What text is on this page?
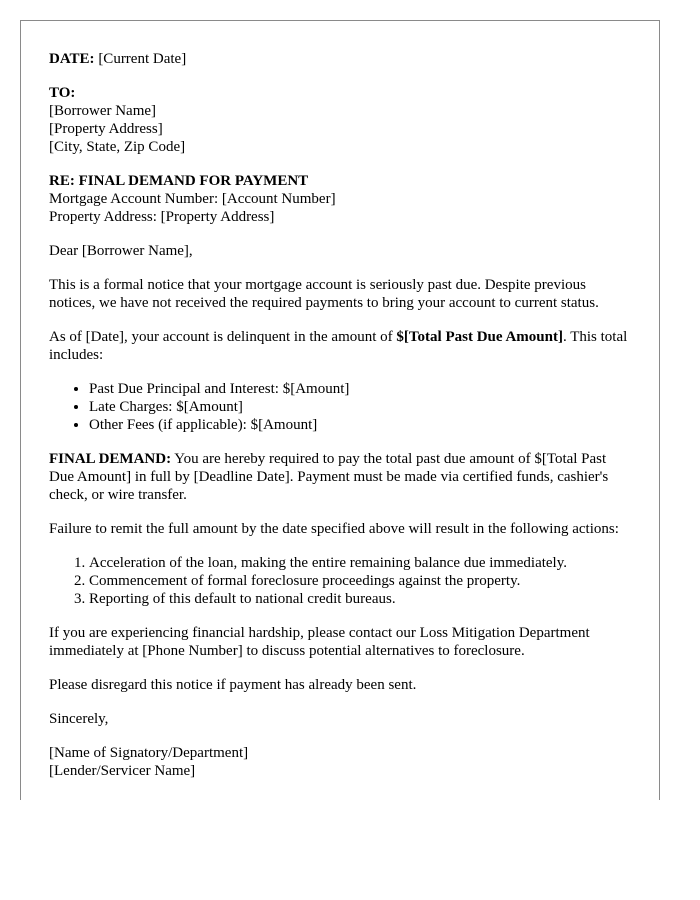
DATE: [Current Date]
TO:
[Borrower Name]
[Property Address]
[City, State, Zip Code]
RE: FINAL DEMAND FOR PAYMENT
Mortgage Account Number: [Account Number]
Property Address: [Property Address]

Dear [Borrower Name],

This is a formal notice that your mortgage account is seriously past due. Despite previous notices, we have not received the required payments to bring your account to current status.

As of [Date], your account is delinquent in the amount of $[Total Past Due Amount]. This total includes:

• Past Due Principal and Interest: $[Amount]
• Late Charges: $[Amount]
• Other Fees (if applicable): $[Amount]

FINAL DEMAND: You are hereby required to pay the total past due amount of $[Total Past Due Amount] in full by [Deadline Date]. Payment must be made via certified funds, cashier's check, or wire transfer.

Failure to remit the full amount by the date specified above will result in the following actions:

1. Acceleration of the loan, making the entire remaining balance due immediately.
2. Commencement of formal foreclosure proceedings against the property.
3. Reporting of this default to national credit bureaus.

If you are experiencing financial hardship, please contact our Loss Mitigation Department immediately at [Phone Number] to discuss potential alternatives to foreclosure.

Please disregard this notice if payment has already been sent.

Sincerely,

[Name of Signatory/Department]
[Lender/Servicer Name]
